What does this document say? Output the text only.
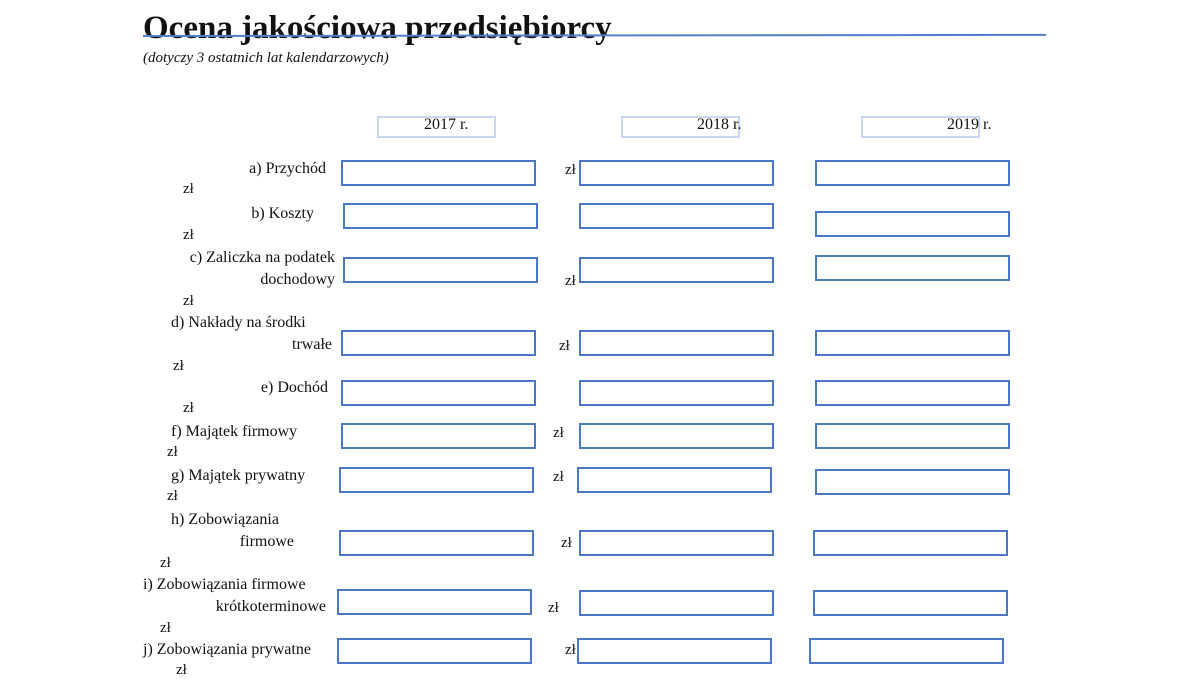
Ocena jakościowa przedsiębiorcy
(dotyczy 3 ostatnich lat kalendarzowych)
2017 r.	2018 r.	2019 r.
a) Przychód
zł
zł
b) Koszty
zł
c) Zaliczka na podatek
dochodowy
zł
zł
d) Nakłady na środki
trwałe
zł
zł
e) Dochód
zł
f) Majątek firmowy
zł
zł
g) Majątek prywatny
zł
zł
h) Zobowiązania
firmowe
zł
zł
i) Zobowiązania firmowe
krótkoterminowe
zł
zł
j) Zobowiązania prywatne
zł
zł
